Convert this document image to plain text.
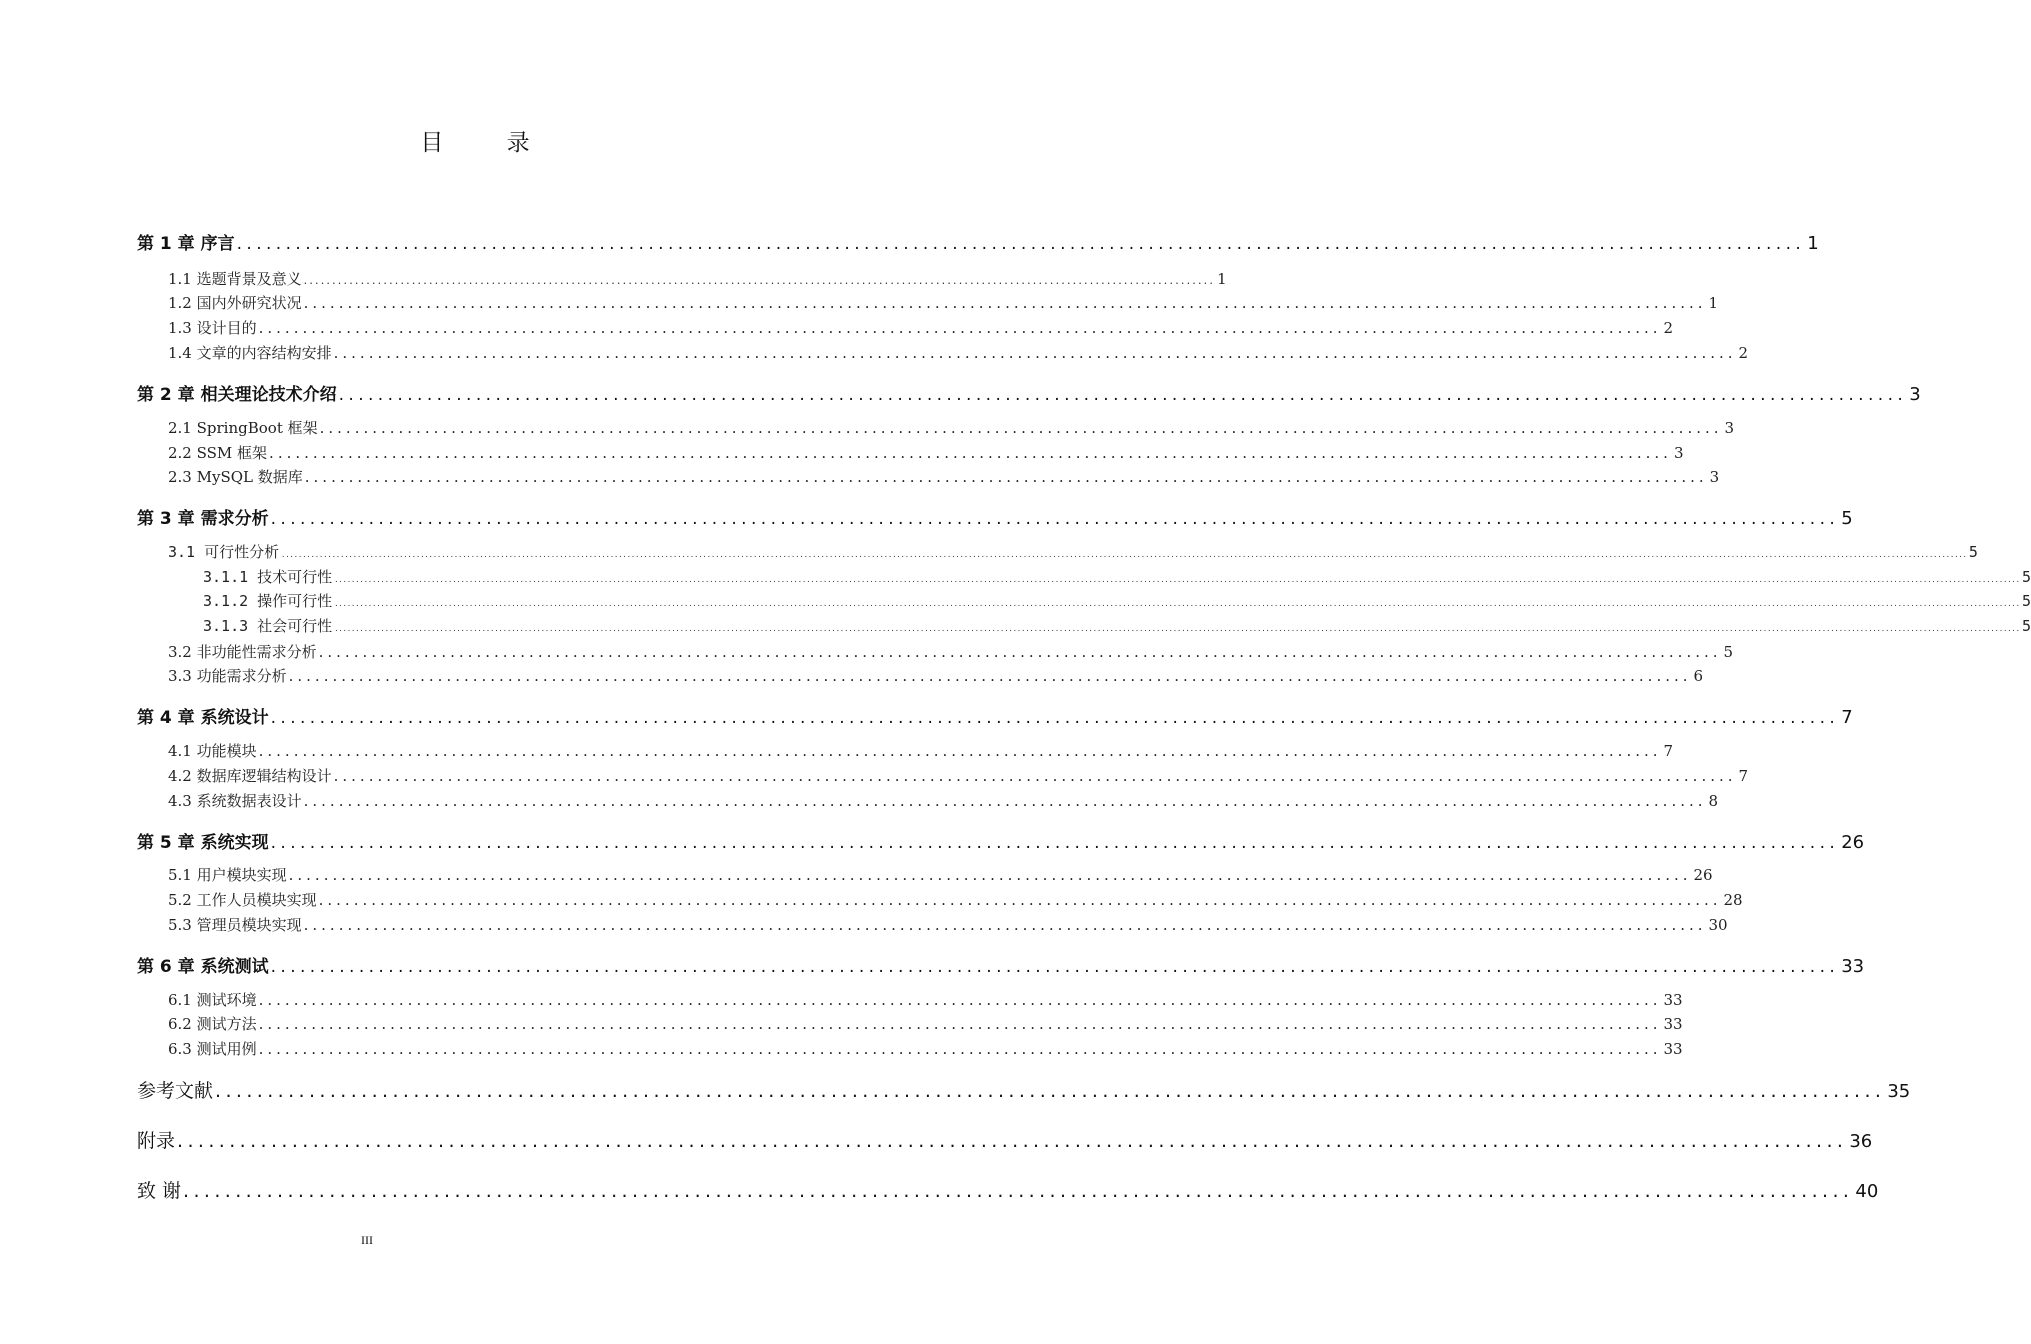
目 录
第 1 章 序言 ................................................................................................................................................................ 1
1.1 选题背景及意义 ................................................................................................................................................................ 1
1.2 国内外研究状况 ................................................................................................................................................................ 1
1.3 设计目的 ................................................................................................................................................................ 2
1.4 文章的内容结构安排 ................................................................................................................................................................ 2
第 2 章 相关理论技术介绍 ................................................................................................................................................................ 3
2.1 SpringBoot 框架 ................................................................................................................................................................ 3
2.2 SSM 框架 ................................................................................................................................................................ 3
2.3 MySQL 数据库 ................................................................................................................................................................ 3
第 3 章 需求分析 ................................................................................................................................................................ 5
3.1 可行性分析 ................................................................................................................................................................................................................................................................................................................................................................................................................ 5
3.1.1 技术可行性 ................................................................................................................................................................................................................................................................................................................................................................................................................ 5
3.1.2 操作可行性 ................................................................................................................................................................................................................................................................................................................................................................................................................ 5
3.1.3 社会可行性 ................................................................................................................................................................................................................................................................................................................................................................................................................ 5
3.2 非功能性需求分析 ................................................................................................................................................................ 5
3.3 功能需求分析 ................................................................................................................................................................ 6
第 4 章 系统设计 ................................................................................................................................................................ 7
4.1 功能模块 ................................................................................................................................................................ 7
4.2 数据库逻辑结构设计 ................................................................................................................................................................ 7
4.3 系统数据表设计 ................................................................................................................................................................ 8
第 5 章 系统实现 ................................................................................................................................................................ 26
5.1 用户模块实现 ................................................................................................................................................................ 26
5.2 工作人员模块实现 ................................................................................................................................................................ 28
5.3 管理员模块实现 ................................................................................................................................................................ 30
第 6 章 系统测试 ................................................................................................................................................................ 33
6.1 测试环境 ................................................................................................................................................................ 33
6.2 测试方法 ................................................................................................................................................................ 33
6.3 测试用例 ................................................................................................................................................................ 33
参考文献 ................................................................................................................................................................ 35
附录 ................................................................................................................................................................ 36
致 谢 ................................................................................................................................................................ 40
III
